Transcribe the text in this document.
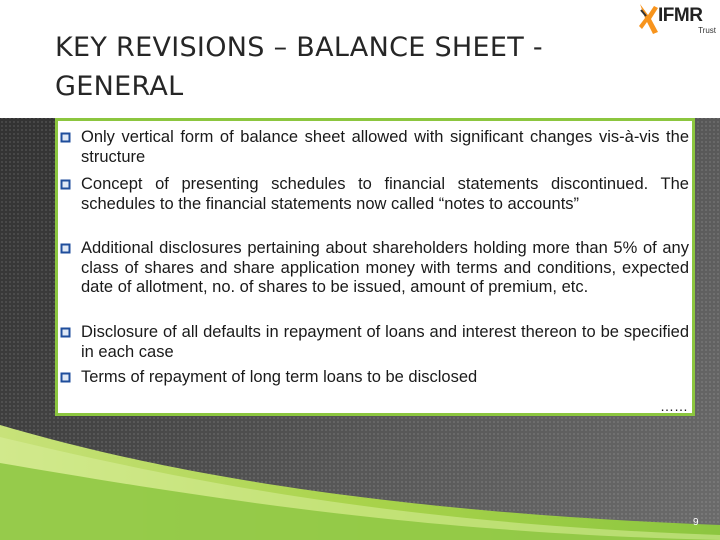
KEY REVISIONS – BALANCE SHEET - GENERAL
IFMR
Trust
Only vertical form of balance sheet allowed with significant changes vis-à-vis the structure
Concept of presenting schedules to financial statements discontinued. The schedules to the financial statements now called “notes to accounts”
Additional disclosures pertaining about shareholders holding more than 5% of any class of shares and share application money with terms and conditions, expected date of allotment, no. of shares to be issued, amount of premium, etc.
Disclosure of all defaults in repayment of loans and interest thereon to be specified in each case
Terms of repayment of long term loans to be disclosed
……
9
